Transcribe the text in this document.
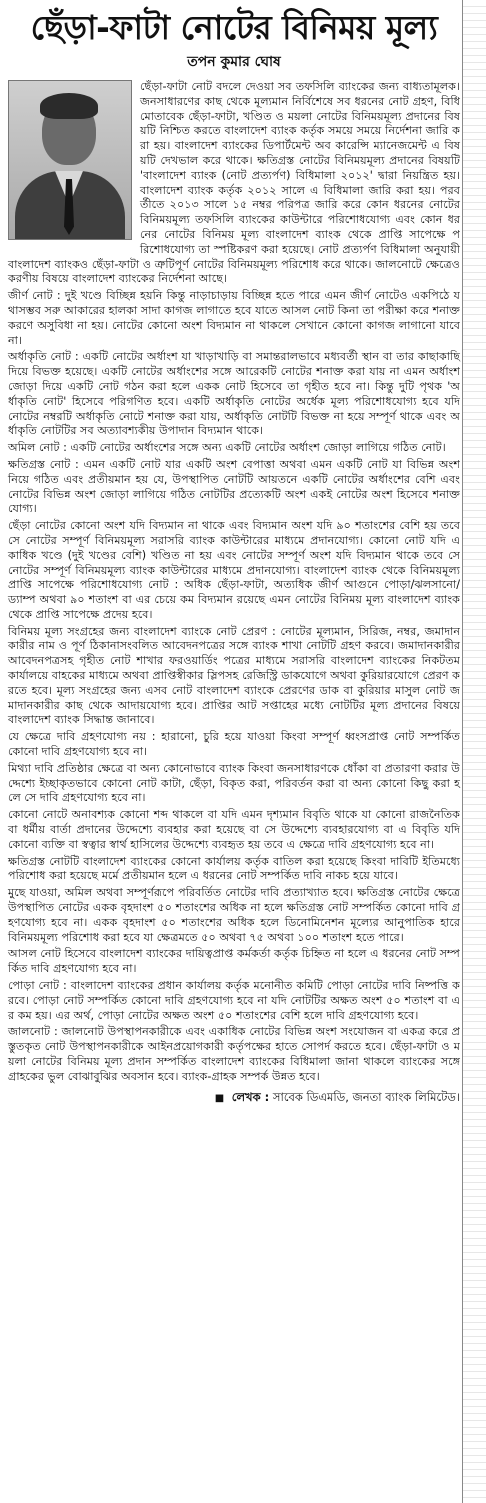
ছেঁড়া-ফাটা নোটের বিনিময় মূল্য
তপন কুমার ঘোষ

ছেঁড়া-ফাটা নোট বদলে দেওয়া সব তফসিলি ব্যাংকের জন্য বাধ্যতামূলক। জনসাধারণের কাছ থেকে মূল্যমান নির্বিশেষে সব ধরনের নোট গ্রহণ, বিধি মোতাবেক ছেঁড়া-ফাটা, খণ্ডিত ও ময়লা নোটের বিনিময়মূল্য প্রদানের বিষয়টি নিশ্চিত করতে বাংলাদেশ ব্যাংক কর্তৃক সময়ে সময়ে নির্দেশনা জারি করা হয়। বাংলাদেশ ব্যাংকের ডিপার্টমেন্ট অব কারেন্সি ম্যানেজমেন্ট এ বিষয়টি দেখভাল করে থাকে। ক্ষতিগ্রস্ত নোটের বিনিময়মূল্য প্রদানের বিষয়টি 'বাংলাদেশ ব্যাংক (নোট প্রত্যর্পণ) বিধিমালা ২০১২' দ্বারা নিয়ন্ত্রিত হয়। বাংলাদেশ ব্যাংক কর্তৃক ২০১২ সালে এ বিধিমালা জারি করা হয়। পরবর্তীতে ২০১৩ সালে ১৫ নম্বর পরিপত্র জারি করে কোন ধরনের নোটের বিনিময়মূল্য তফসিলি ব্যাংকের কাউন্টারে পরিশোধযোগ্য এবং কোন ধরনের নোটের বিনিময় মূল্য বাংলাদেশ ব্যাংক থেকে প্রাপ্তি সাপেক্ষে পরিশোধযোগ্য তা স্পষ্টিকরণ করা হয়েছে। নোট প্রত্যর্পণ বিধিমালা অনুযায়ী বাংলাদেশ ব্যাংকও ছেঁড়া-ফাটা ও ত্রুটিপূর্ণ নোটের বিনিময়মূল্য পরিশোধ করে থাকে। জালনোটে ক্ষেত্রেও করণীয় বিষয়ে বাংলাদেশ ব্যাংকের নির্দেশনা আছে।

জীর্ণ নোট : দুই খণ্ডে বিচ্ছিন্ন হয়নি কিন্তু নাড়াচাড়ায় বিচ্ছিন্ন হতে পারে এমন জীর্ণ নোটেও একপিঠে যথাসম্ভব সরু আকারের হালকা সাদা কাগজ লাগাতে হবে যাতে আসল নোট কিনা তা পরীক্ষা করে শনাক্তকরণে অসুবিধা না হয়। নোটের কোনো অংশ বিদ্যমান না থাকলে সেখানে কোনো কাগজ লাগানো যাবে না।

অর্ধাকৃতি নোট : একটি নোটের অর্ধাংশ যা খাড়াখাড়ি বা সমান্তরালভাবে মধ্যবর্তী স্থান বা তার কাছাকাছি দিয়ে বিভক্ত হয়েছে। একটি নোটের অর্ধাংশের সঙ্গে আরেকটি নোটের শনাক্ত করা যায় না এমন অর্ধাংশ জোড়া দিয়ে একটি নোট গঠন করা হলে একক নোট হিসেবে তা গৃহীত হবে না। কিন্তু দুটি পৃথক 'অর্ধাকৃতি নোট' হিসেবে পরিগণিত হবে। একটি অর্ধাকৃতি নোটের অর্ধেক মূল্য পরিশোধযোগ্য হবে যদি নোটের নম্বরটি অর্ধাকৃতি নোটে শনাক্ত করা যায়, অর্ধাকৃতি নোটটি বিভক্ত না হয়ে সম্পূর্ণ থাকে এবং অর্ধাকৃতি নোটটির সব অত্যাবশ্যকীয় উপাদান বিদ্যমান থাকে।

অমিল নোট : একটি নোটের অর্ধাংশের সঙ্গে অন্য একটি নোটের অর্ধাংশ জোড়া লাগিয়ে গঠিত নোট।

ক্ষতিগ্রস্ত নোট : এমন একটি নোট যার একটি অংশ বেপাত্তা অথবা এমন একটি নোট যা বিভিন্ন অংশ নিয়ে গঠিত এবং প্রতীয়মান হয় যে, উপস্থাপিত নোটটি আয়তনে একটি নোটের অর্ধাংশের বেশি এবং নোটের বিভিন্ন অংশ জোড়া লাগিয়ে গঠিত নোটটির প্রত্যেকটি অংশ একই নোটের অংশ হিসেবে শনাক্তযোগ্য।

ছেঁড়া নোটের কোনো অংশ যদি বিদ্যমান না থাকে এবং বিদ্যমান অংশ যদি ৯০ শতাংশের বেশি হয় তবে সে নোটের সম্পূর্ণ বিনিময়মূল্য সরাসরি ব্যাংক কাউন্টারের মাধ্যমে প্রদানযোগ্য। কোনো নোট যদি একাধিক খণ্ডে (দুই খণ্ডের বেশি) খণ্ডিত না হয় এবং নোটের সম্পূর্ণ অংশ যদি বিদ্যমান থাকে তবে সে নোটের সম্পূর্ণ বিনিময়মূল্য ব্যাংক কাউন্টারের মাধ্যমে প্রদানযোগ্য। বাংলাদেশ ব্যাংক থেকে বিনিময়মূল্য প্রাপ্তি সাপেক্ষে পরিশোধযোগ্য নোট : অধিক ছেঁড়া-ফাটা, অত্যধিক জীর্ণ আগুনে পোড়া/ঝলসানো/ড্যাম্প অথবা ৯০ শতাংশ বা এর চেয়ে কম বিদ্যমান রয়েছে এমন নোটের বিনিময় মূল্য বাংলাদেশ ব্যাংক থেকে প্রাপ্তি সাপেক্ষে প্রদেয় হবে।

বিনিময় মূল্য সংগ্রহের জন্য বাংলাদেশ ব্যাংকে নোট প্রেরণ : নোটের মূল্যমান, সিরিজ, নম্বর, জমাদানকারীর নাম ও পূর্ণ ঠিকানাসংবলিত আবেদনপত্রের সঙ্গে ব্যাংক শাখা নোটটি গ্রহণ করবে। জমাদানকারীর আবেদনপত্রসহ গৃহীত নোট শাখার ফরওয়ার্ডিং পত্রের মাধ্যমে সরাসরি বাংলাদেশ ব্যাংকের নিকটতম কার্যালয়ে বাহকের মাধ্যমে অথবা প্রাপ্তিস্বীকার স্লিপসহ রেজিস্ট্রি ডাকযোগে অথবা কুরিয়ারযোগে প্রেরণ করতে হবে। মূল্য সংগ্রহের জন্য এসব নোট বাংলাদেশ ব্যাংকে প্রেরণের ডাক বা কুরিয়ার মাসুল নোট জমাদানকারীর কাছ থেকে আদায়যোগ্য হবে। প্রাপ্তির আট সপ্তাহের মধ্যে নোটটির মূল্য প্রদানের বিষয়ে বাংলাদেশ ব্যাংক সিদ্ধান্ত জানাবে।

যে ক্ষেত্রে দাবি গ্রহণযোগ্য নয় : হারানো, চুরি হয়ে যাওয়া কিংবা সম্পূর্ণ ধ্বংসপ্রাপ্ত নোট সম্পর্কিত কোনো দাবি গ্রহণযোগ্য হবে না।

মিথ্যা দাবি প্রতিষ্ঠার ক্ষেত্রে বা অন্য কোনোভাবে ব্যাংক কিংবা জনসাধারণকে ধোঁকা বা প্রতারণা করার উদ্দেশ্যে ইচ্ছাকৃতভাবে কোনো নোট কাটা, ছেঁড়া, বিকৃত করা, পরিবর্তন করা বা অন্য কোনো কিছু করা হলে সে দাবি গ্রহণযোগ্য হবে না।

কোনো নোটে অনাবশ্যক কোনো শব্দ থাকলে বা যদি এমন দৃশ্যমান বিবৃতি থাকে যা কোনো রাজনৈতিক বা ধর্মীয় বার্তা প্রদানের উদ্দেশ্যে ব্যবহার করা হয়েছে বা সে উদ্দেশ্যে ব্যবহারযোগ্য বা এ বিবৃতি যদি কোনো ব্যক্তি বা স্বত্বার স্বার্থ হাসিলের উদ্দেশ্যে ব্যবহৃত হয় তবে এ ক্ষেত্রে দাবি গ্রহণযোগ্য হবে না।

ক্ষতিগ্রস্ত নোটটি বাংলাদেশ ব্যাংকের কোনো কার্যালয় কর্তৃক বাতিল করা হয়েছে কিংবা দাবিটি ইতিমধ্যে পরিশোধ করা হয়েছে মর্মে প্রতীয়মান হলে এ ধরনের নোট সম্পর্কিত দাবি নাকচ হয়ে যাবে।

মুছে যাওয়া, অমিল অথবা সম্পূর্ণরূপে পরিবর্তিত নোটের দাবি প্রত্যাখ্যাত হবে। ক্ষতিগ্রস্ত নোটের ক্ষেত্রে উপস্থাপিত নোটের একক বৃহদাংশ ৫০ শতাংশের অধিক না হলে ক্ষতিগ্রস্ত নোট সম্পর্কিত কোনো দাবি গ্রহণযোগ্য হবে না। একক বৃহদাংশ ৫০ শতাংশের অধিক হলে ডিনোমিনেশন মূল্যের আনুপাতিক হারে বিনিময়মূল্য পরিশোধ করা হবে যা ক্ষেত্রমতে ৫০ অথবা ৭৫ অথবা ১০০ শতাংশ হতে পারে।

আসল নোট হিসেবে বাংলাদেশ ব্যাংকের দায়িত্বপ্রাপ্ত কর্মকর্তা কর্তৃক চিহ্নিত না হলে এ ধরনের নোট সম্পর্কিত দাবি গ্রহণযোগ্য হবে না।

পোড়া নোট : বাংলাদেশ ব্যাংকের প্রধান কার্যালয় কর্তৃক মনোনীত কমিটি পোড়া নোটের দাবি নিষ্পত্তি করবে। পোড়া নোট সম্পর্কিত কোনো দাবি গ্রহণযোগ্য হবে না যদি নোটটির অক্ষত অংশ ৫০ শতাংশ বা এর কম হয়। এর অর্থ, পোড়া নোটের অক্ষত অংশ ৫০ শতাংশের বেশি হলে দাবি গ্রহণযোগ্য হবে।

জালনোট : জালনোট উপস্থাপনকারীকে এবং একাধিক নোটের বিভিন্ন অংশ সংযোজন বা একত্র করে প্রস্তুতকৃত নোট উপস্থাপনকারীকে আইনপ্রয়োগকারী কর্তৃপক্ষের হাতে সোপর্দ করতে হবে। ছেঁড়া-ফাটা ও ময়লা নোটের বিনিময় মূল্য প্রদান সম্পর্কিত বাংলাদেশ ব্যাংকের বিধিমালা জানা থাকলে ব্যাংকের সঙ্গে গ্রাহকের ভুল বোঝাবুঝির অবসান হবে। ব্যাংক-গ্রাহক সম্পর্ক উন্নত হবে।

■ লেখক : সাবেক ডিএমডি, জনতা ব্যাংক লিমিটেড।
